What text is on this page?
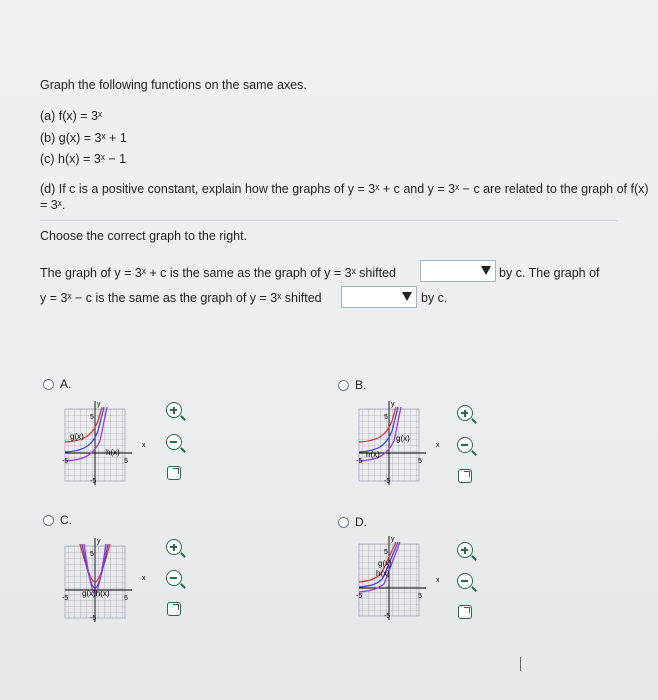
Graph the following functions on the same axes.
(a) f(x) = 3ˣ
(b) g(x) = 3ˣ + 1
(c) h(x) = 3ˣ − 1
(d) If c is a positive constant, explain how the graphs of y = 3ˣ + c and y = 3ˣ − c are related to the graph of f(x) = 3ˣ.
Choose the correct graph to the right.
The graph of y = 3ˣ + c is the same as the graph of y = 3ˣ shifted	by c. The graph of
y = 3ˣ − c is the same as the graph of y = 3ˣ shifted	by c.
A.	B.
C.	D.
g(x)
h(x)
y
x
5
-5	5
-5
g(x)
h(x)
y
x
5
-5	5
-5
g(x)h(x)
y
x
5
-5	5
-5
g(x)
h(x)
y
x
5
-5	5
-5
